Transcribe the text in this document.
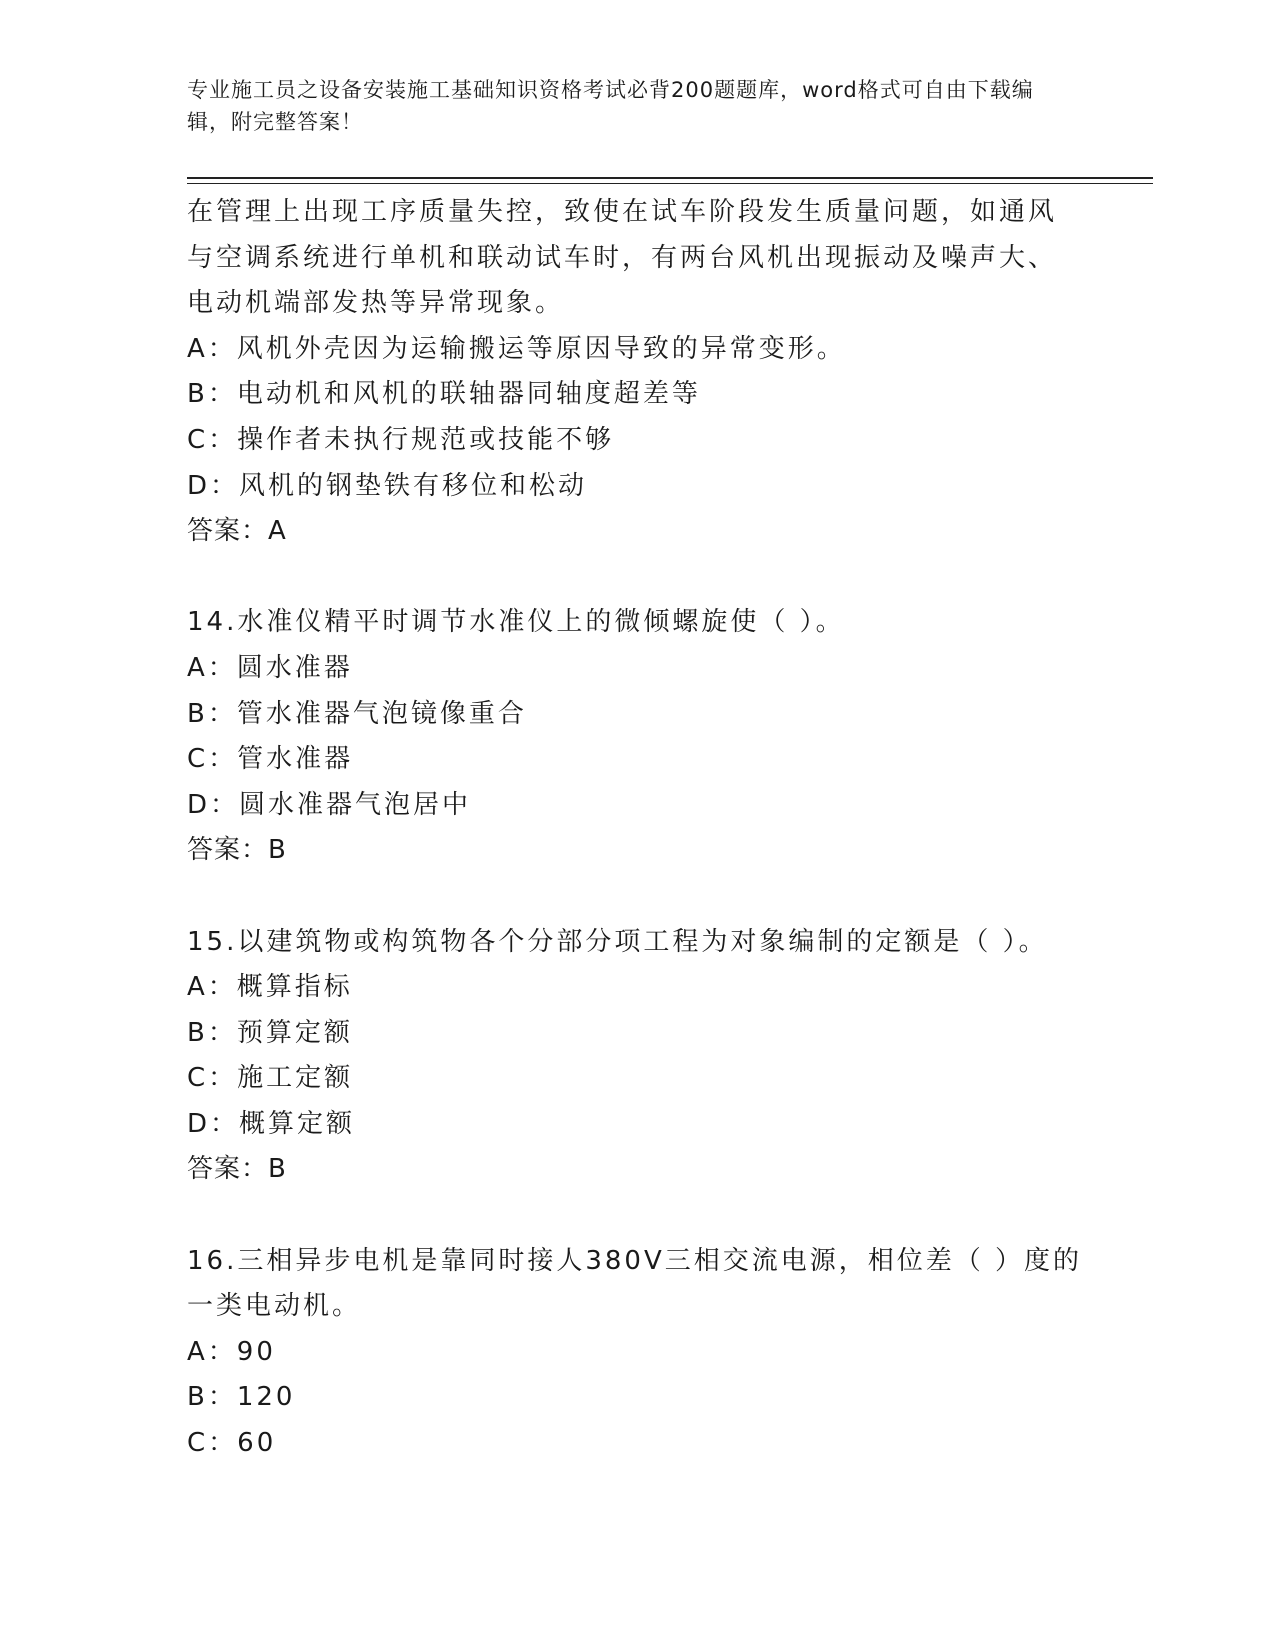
专业施工员之设备安装施工基础知识资格考试必背200题题库，word格式可自由下载编辑，附完整答案！
在管理上出现工序质量失控，致使在试车阶段发生质量问题，如通风
与空调系统进行单机和联动试车时，有两台风机出现振动及噪声大、
电动机端部发热等异常现象。
A：风机外壳因为运输搬运等原因导致的异常变形。
B：电动机和风机的联轴器同轴度超差等
C：操作者未执行规范或技能不够
D：风机的钢垫铁有移位和松动
答案：A
14.水准仪精平时调节水准仪上的微倾螺旋使（ ）。
A：圆水准器
B：管水准器气泡镜像重合
C：管水准器
D：圆水准器气泡居中
答案：B
15.以建筑物或构筑物各个分部分项工程为对象编制的定额是（ ）。
A：概算指标
B：预算定额
C：施工定额
D：概算定额
答案：B
16.三相异步电机是靠同时接人380V三相交流电源，相位差（ ）度的
一类电动机。
A：90
B：120
C：60
